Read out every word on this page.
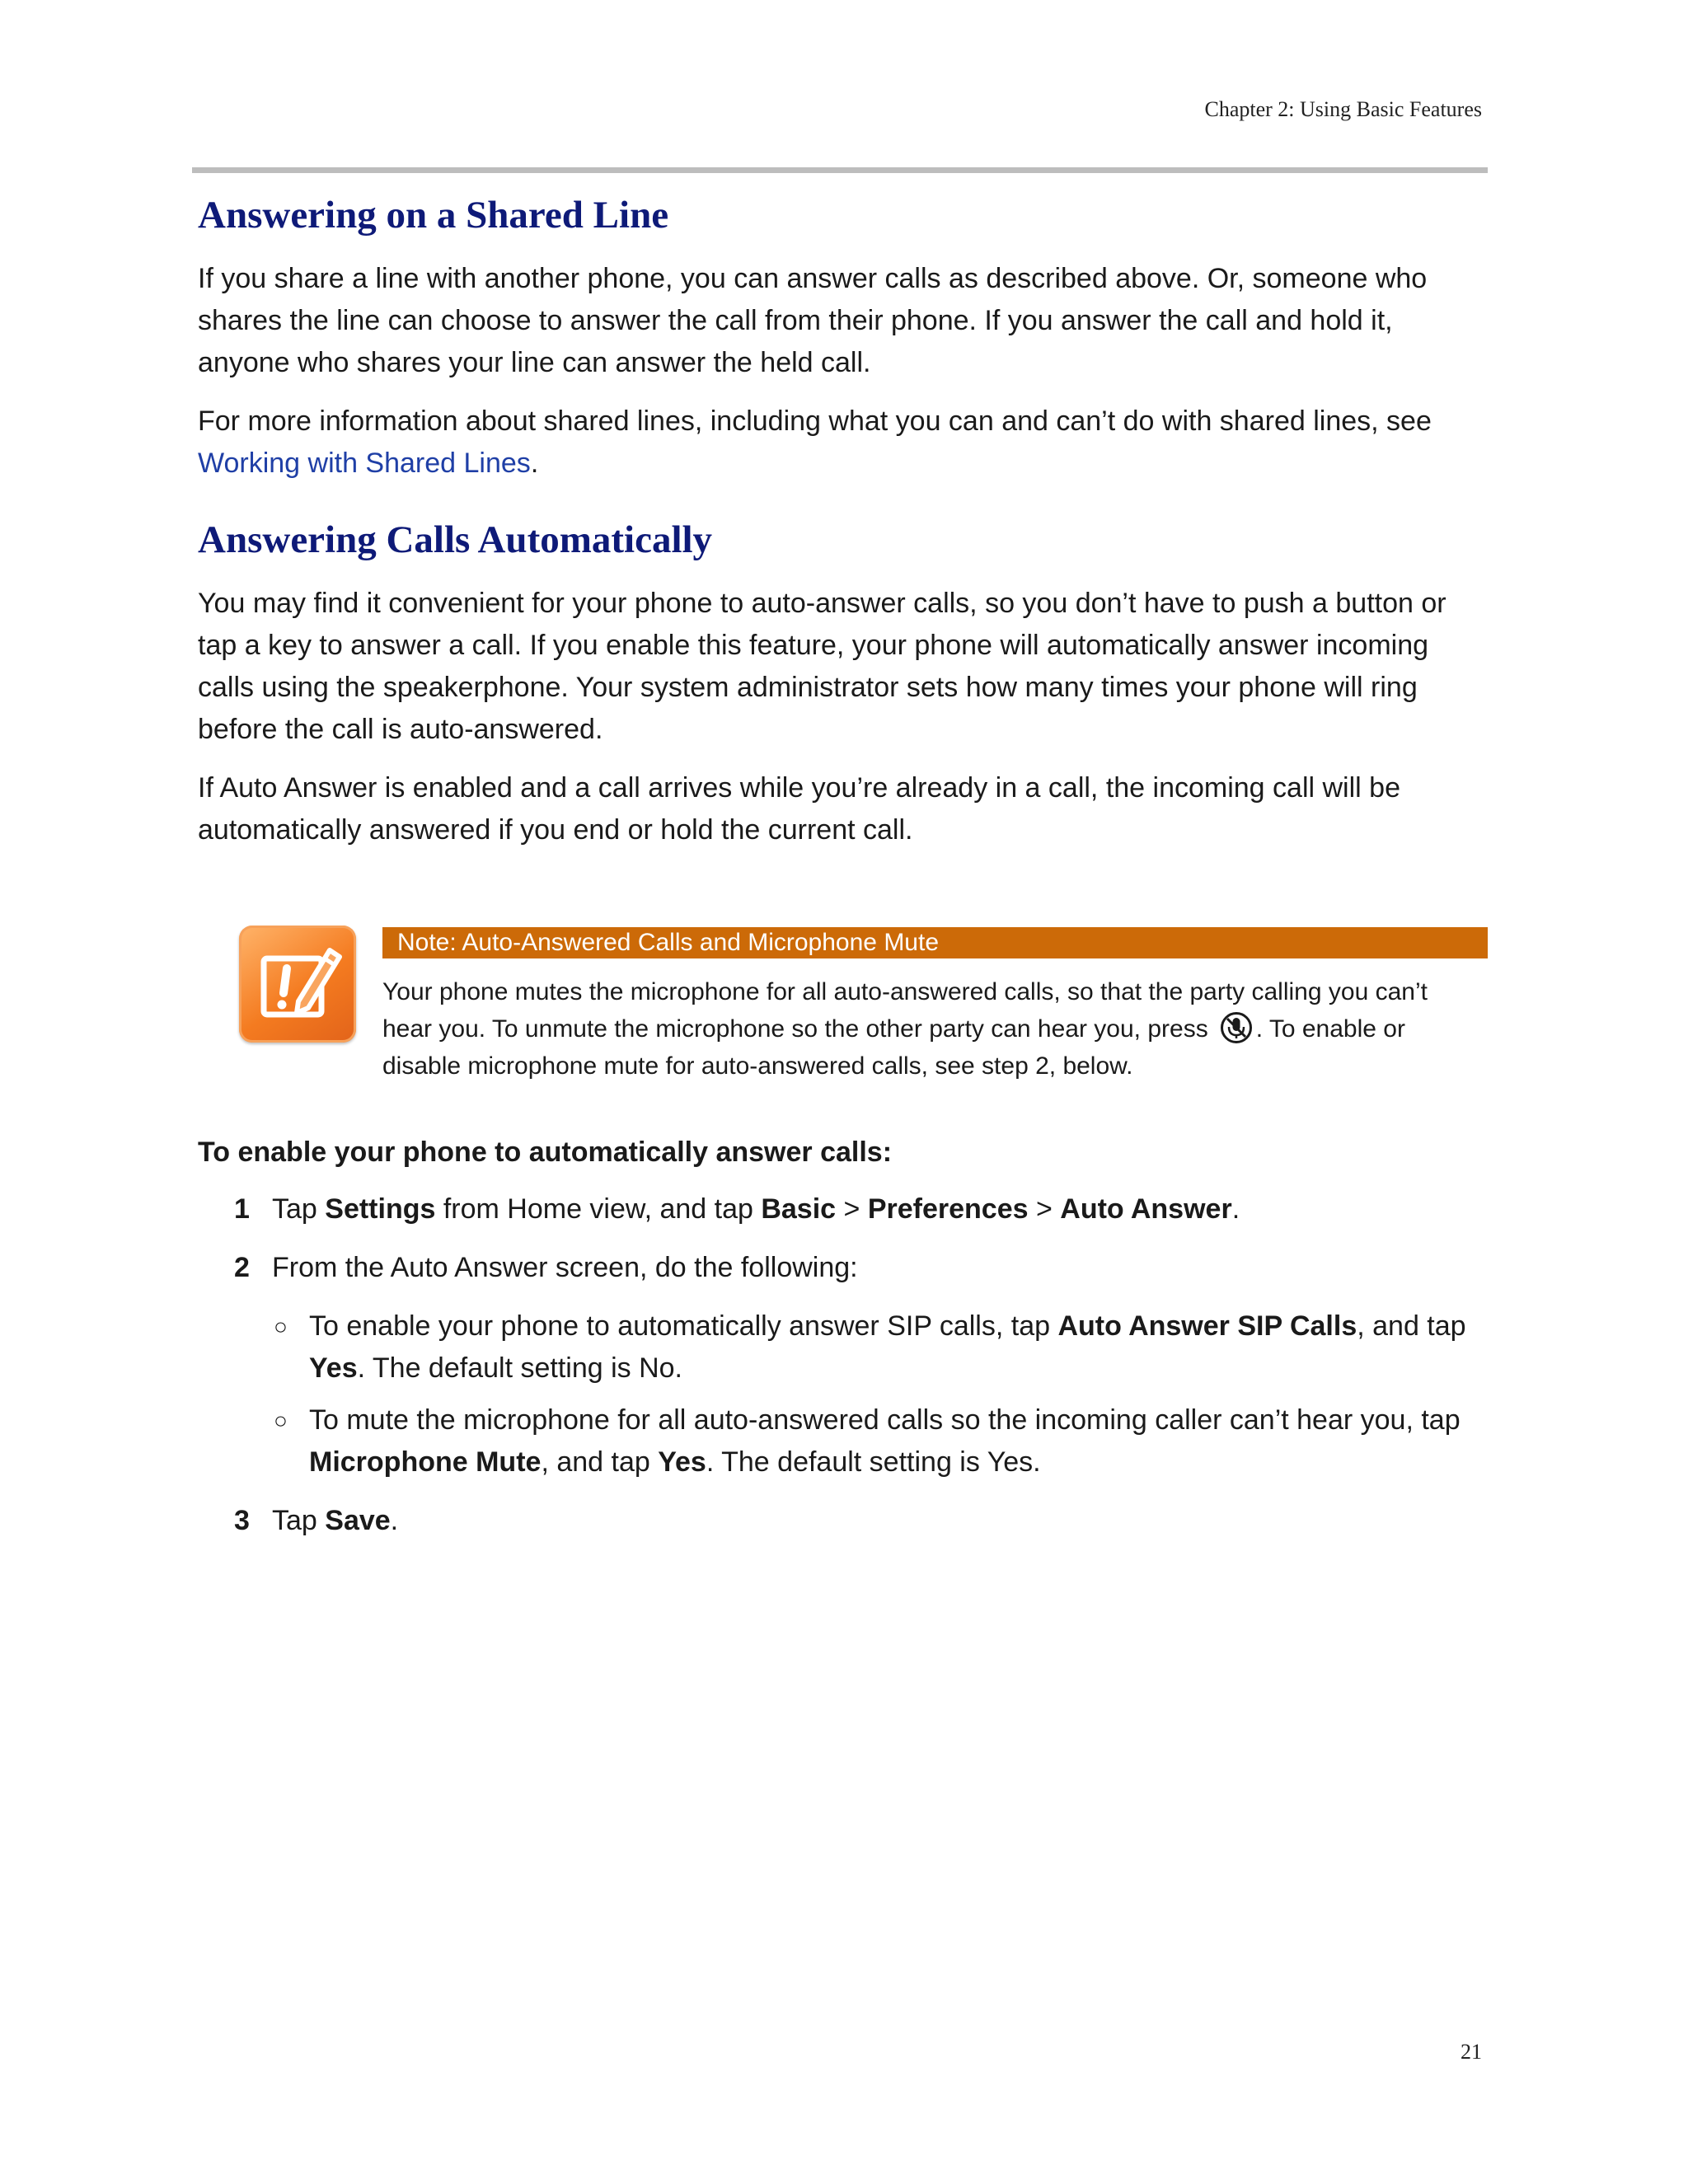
Chapter 2: Using Basic Features
Answering on a Shared Line

If you share a line with another phone, you can answer calls as described above. Or, someone who shares the line can choose to answer the call from their phone. If you answer the call and hold it, anyone who shares your line can answer the held call.

For more information about shared lines, including what you can and can’t do with shared lines, see Working with Shared Lines.

Answering Calls Automatically

You may find it convenient for your phone to auto-answer calls, so you don’t have to push a button or tap a key to answer a call. If you enable this feature, your phone will automatically answer incoming calls using the speakerphone. Your system administrator sets how many times your phone will ring before the call is auto-answered.

If Auto Answer is enabled and a call arrives while you’re already in a call, the incoming call will be automatically answered if you end or hold the current call.

Note: Auto-Answered Calls and Microphone Mute

Your phone mutes the microphone for all auto-answered calls, so that the party calling you can’t hear you. To unmute the microphone so the other party can hear you, press . To enable or disable microphone mute for auto-answered calls, see step 2, below.

To enable your phone to automatically answer calls:
1 Tap Settings from Home view, and tap Basic > Preferences > Auto Answer.
2 From the Auto Answer screen, do the following:
○ To enable your phone to automatically answer SIP calls, tap Auto Answer SIP Calls, and tap Yes. The default setting is No.
○ To mute the microphone for all auto-answered calls so the incoming caller can’t hear you, tap Microphone Mute, and tap Yes. The default setting is Yes.
3 Tap Save.
21
